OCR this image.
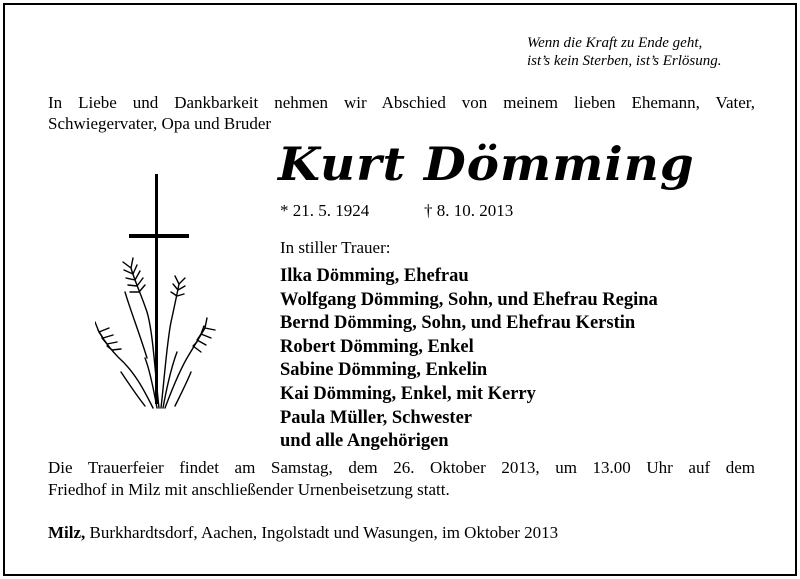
Wenn die Kraft zu Ende geht,
ist’s kein Sterben, ist’s Erlösung.
In Liebe und Dankbarkeit nehmen wir Abschied von meinem lieben Ehemann, Vater,
Schwiegervater, Opa und Bruder
Kurt Dömming
* 21. 5. 1924	† 8. 10. 2013
In stiller Trauer:
Ilka Dömming, Ehefrau
Wolfgang Dömming, Sohn, und Ehefrau Regina
Bernd Dömming, Sohn, und Ehefrau Kerstin
Robert Dömming, Enkel
Sabine Dömming, Enkelin
Kai Dömming, Enkel, mit Kerry
Paula Müller, Schwester
und alle Angehörigen
Die Trauerfeier findet am Samstag, dem 26. Oktober 2013, um 13.00 Uhr auf dem
Friedhof in Milz mit anschließender Urnenbeisetzung statt.
Milz, Burkhardtsdorf, Aachen, Ingolstadt und Wasungen, im Oktober 2013
